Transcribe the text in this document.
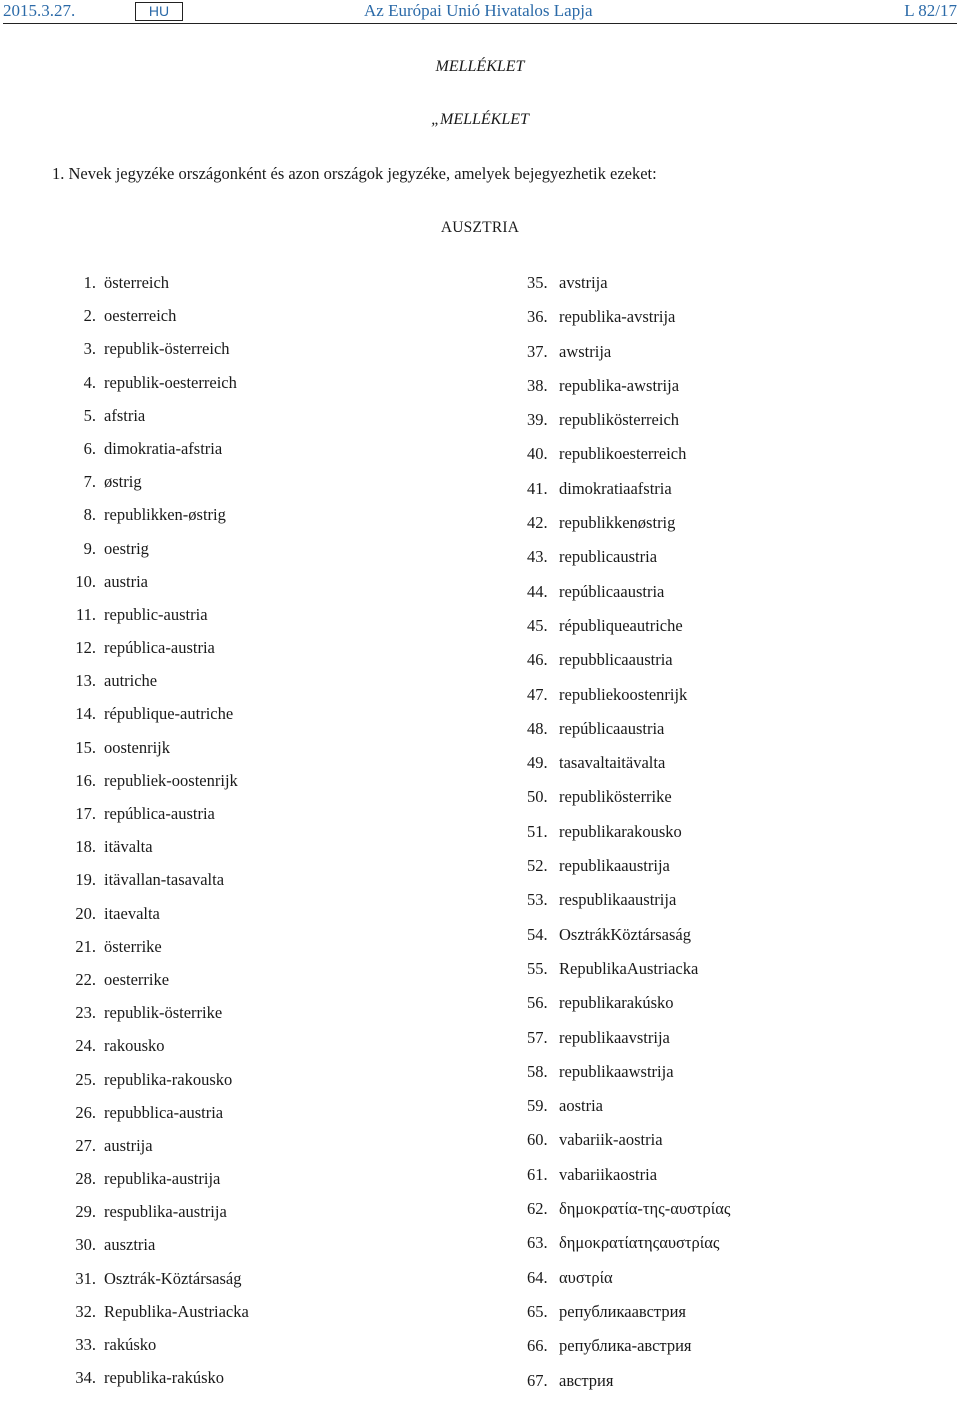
2015.3.27.	HU	Az Európai Unió Hivatalos Lapja	L 82/17
MELLÉKLET
„MELLÉKLET
1. Nevek jegyzéke országonként és azon országok jegyzéke, amelyek bejegyezhetik ezeket:
AUSZTRIA
1. österreich
2. oesterreich
3. republik-österreich
4. republik-oesterreich
5. afstria
6. dimokratia-afstria
7. østrig
8. republikken-østrig
9. oestrig
10. austria
11. republic-austria
12. república-austria
13. autriche
14. république-autriche
15. oostenrijk
16. republiek-oostenrijk
17. república-austria
18. itävalta
19. itävallan-tasavalta
20. itaevalta
21. österrike
22. oesterrike
23. republik-österrike
24. rakousko
25. republika-rakousko
26. repubblica-austria
27. austrija
28. republika-austrija
29. respublika-austrija
30. ausztria
31. Osztrák-Köztársaság
32. Republika-Austriacka
33. rakúsko
34. republika-rakúsko
35. avstrija
36. republika-avstrija
37. awstrija
38. republika-awstrija
39. republikösterreich
40. republikoesterreich
41. dimokratiaafstria
42. republikkenøstrig
43. republicaustria
44. repúblicaaustria
45. républiqueautriche
46. repubblicaaustria
47. republiekoostenrijk
48. repúblicaaustria
49. tasavaltaitävalta
50. republikösterrike
51. republikarakousko
52. republikaaustrija
53. respublikaaustrija
54. OsztrákKöztársaság
55. RepublikaAustriacka
56. republikarakúsko
57. republikaavstrija
58. republikaawstrija
59. aostria
60. vabariik-aostria
61. vabariikaostria
62. δημοκρατία-της-αυστρίας
63. δημοκρατίατηςαυστρίας
64. αυστρία
65. републикаавстрия
66. република-австрия
67. австрия
